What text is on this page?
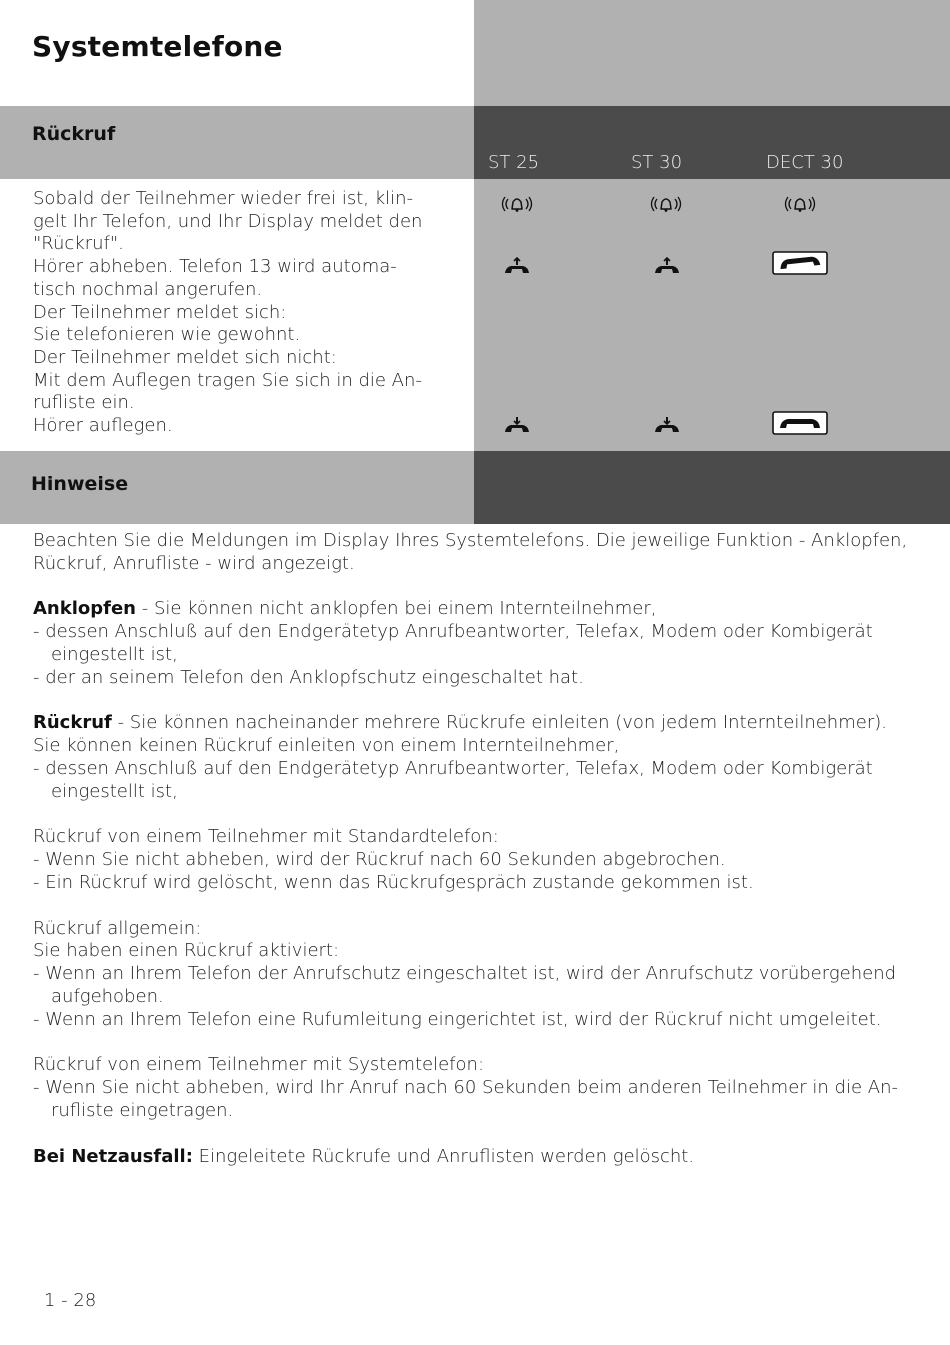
Systemtelefone
Rückruf
ST 25	ST 30	DECT 30
Sobald der Teilnehmer wieder frei ist, klin-
gelt Ihr Telefon, und Ihr Display meldet den
"Rückruf".
Hörer abheben. Telefon 13 wird automa-
tisch nochmal angerufen.
Der Teilnehmer meldet sich:
Sie telefonieren wie gewohnt.
Der Teilnehmer meldet sich nicht:
Mit dem Auflegen tragen Sie sich in die An-
rufliste ein.
Hörer auflegen.
Hinweise
Beachten Sie die Meldungen im Display Ihres Systemtelefons. Die jeweilige Funktion - Anklopfen,
Rückruf, Anrufliste - wird angezeigt.
Anklopfen - Sie können nicht anklopfen bei einem Internteilnehmer,
- dessen Anschluß auf den Endgerätetyp Anrufbeantworter, Telefax, Modem oder Kombigerät
eingestellt ist,
- der an seinem Telefon den Anklopfschutz eingeschaltet hat.
Rückruf - Sie können nacheinander mehrere Rückrufe einleiten (von jedem Internteilnehmer).
Sie können keinen Rückruf einleiten von einem Internteilnehmer,
- dessen Anschluß auf den Endgerätetyp Anrufbeantworter, Telefax, Modem oder Kombigerät
eingestellt ist,
Rückruf von einem Teilnehmer mit Standardtelefon:
- Wenn Sie nicht abheben, wird der Rückruf nach 60 Sekunden abgebrochen.
- Ein Rückruf wird gelöscht, wenn das Rückrufgespräch zustande gekommen ist.
Rückruf allgemein:
Sie haben einen Rückruf aktiviert:
- Wenn an Ihrem Telefon der Anrufschutz eingeschaltet ist, wird der Anrufschutz vorübergehend
aufgehoben.
- Wenn an Ihrem Telefon eine Rufumleitung eingerichtet ist, wird der Rückruf nicht umgeleitet.
Rückruf von einem Teilnehmer mit Systemtelefon:
- Wenn Sie nicht abheben, wird Ihr Anruf nach 60 Sekunden beim anderen Teilnehmer in die An-
rufliste eingetragen.
Bei Netzausfall: Eingeleitete Rückrufe und Anruflisten werden gelöscht.
1 - 28
